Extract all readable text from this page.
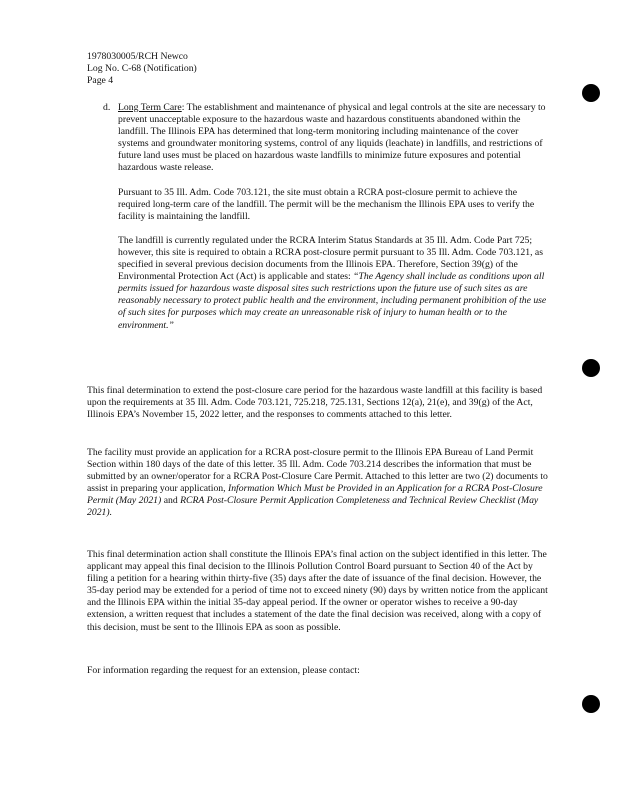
1978030005/RCH Newco
Log No. C-68 (Notification)
Page 4
d. Long Term Care: The establishment and maintenance of physical and legal controls at the site are necessary to prevent unacceptable exposure to the hazardous waste and hazardous constituents abandoned within the landfill. The Illinois EPA has determined that long-term monitoring including maintenance of the cover systems and groundwater monitoring systems, control of any liquids (leachate) in landfills, and restrictions of future land uses must be placed on hazardous waste landfills to minimize future exposures and potential hazardous waste release.

Pursuant to 35 Ill. Adm. Code 703.121, the site must obtain a RCRA post-closure permit to achieve the required long-term care of the landfill. The permit will be the mechanism the Illinois EPA uses to verify the facility is maintaining the landfill.

The landfill is currently regulated under the RCRA Interim Status Standards at 35 Ill. Adm. Code Part 725; however, this site is required to obtain a RCRA post-closure permit pursuant to 35 Ill. Adm. Code 703.121, as specified in several previous decision documents from the Illinois EPA. Therefore, Section 39(g) of the Environmental Protection Act (Act) is applicable and states: “The Agency shall include as conditions upon all permits issued for hazardous waste disposal sites such restrictions upon the future use of such sites as are reasonably necessary to protect public health and the environment, including permanent prohibition of the use of such sites for purposes which may create an unreasonable risk of injury to human health or to the environment.”

This final determination to extend the post-closure care period for the hazardous waste landfill at this facility is based upon the requirements at 35 Ill. Adm. Code 703.121, 725.218, 725.131, Sections 12(a), 21(e), and 39(g) of the Act, Illinois EPA’s November 15, 2022 letter, and the responses to comments attached to this letter.

The facility must provide an application for a RCRA post-closure permit to the Illinois EPA Bureau of Land Permit Section within 180 days of the date of this letter. 35 Ill. Adm. Code 703.214 describes the information that must be submitted by an owner/operator for a RCRA Post-Closure Care Permit. Attached to this letter are two (2) documents to assist in preparing your application, Information Which Must be Provided in an Application for a RCRA Post-Closure Permit (May 2021) and RCRA Post-Closure Permit Application Completeness and Technical Review Checklist (May 2021).

This final determination action shall constitute the Illinois EPA’s final action on the subject identified in this letter. The applicant may appeal this final decision to the Illinois Pollution Control Board pursuant to Section 40 of the Act by filing a petition for a hearing within thirty-five (35) days after the date of issuance of the final decision. However, the 35-day period may be extended for a period of time not to exceed ninety (90) days by written notice from the applicant and the Illinois EPA within the initial 35-day appeal period. If the owner or operator wishes to receive a 90-day extension, a written request that includes a statement of the date the final decision was received, along with a copy of this decision, must be sent to the Illinois EPA as soon as possible.

For information regarding the request for an extension, please contact:
